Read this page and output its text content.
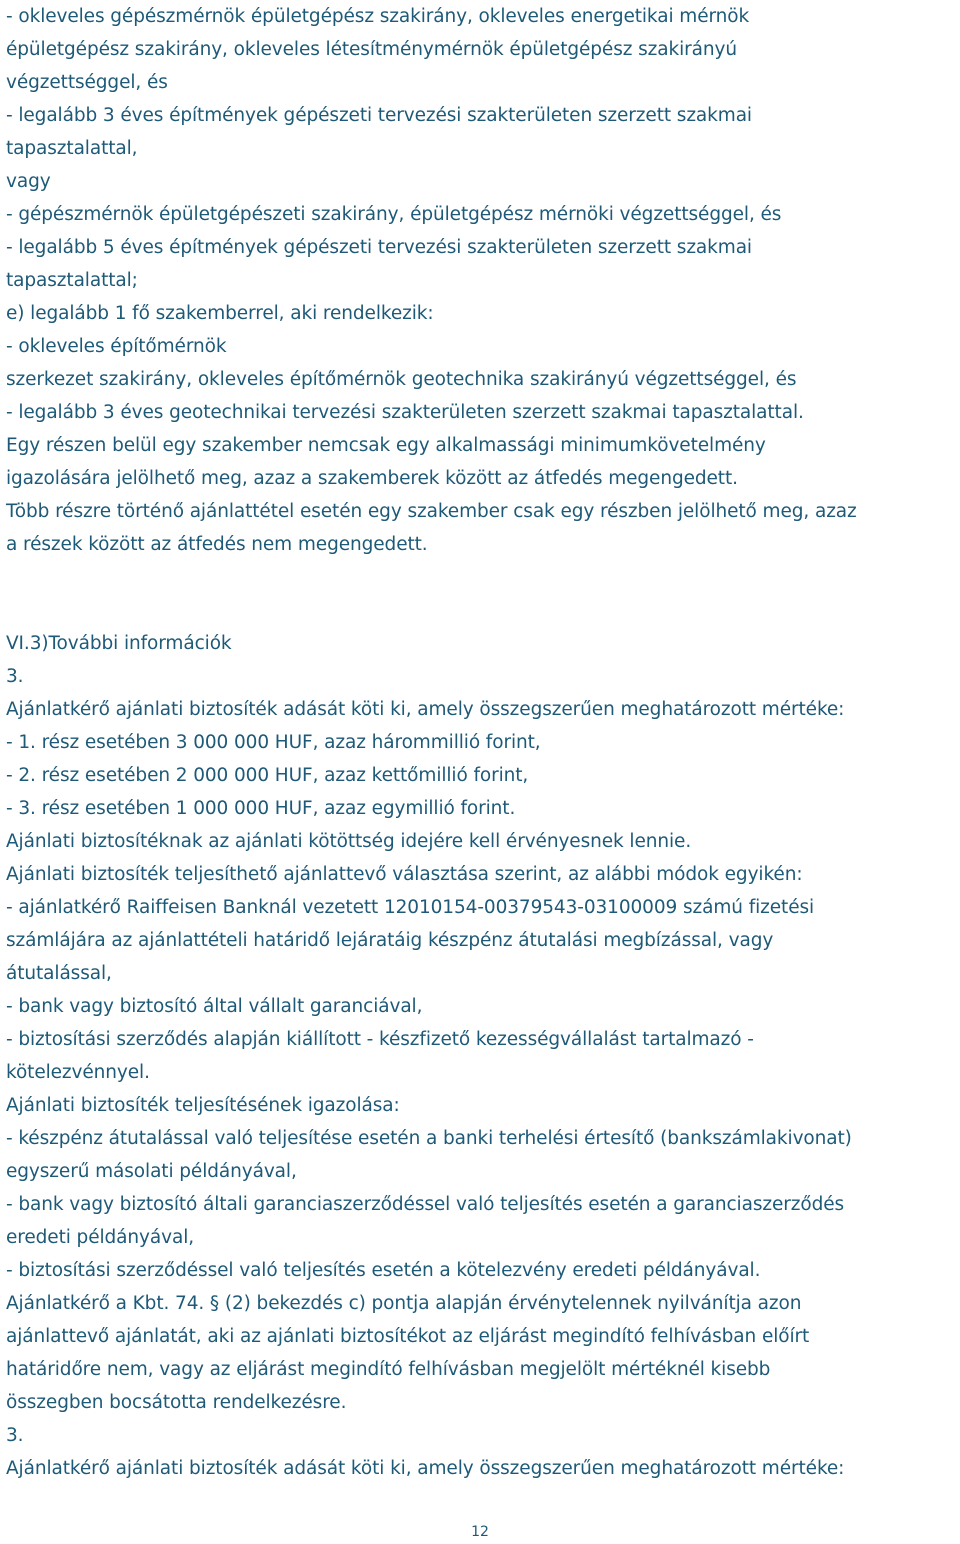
- okleveles gépészmérnök épületgépész szakirány, okleveles energetikai mérnök
épületgépész szakirány, okleveles létesítménymérnök épületgépész szakirányú
végzettséggel, és
- legalább 3 éves építmények gépészeti tervezési szakterületen szerzett szakmai
tapasztalattal,
vagy
- gépészmérnök épületgépészeti szakirány, épületgépész mérnöki végzettséggel, és
- legalább 5 éves építmények gépészeti tervezési szakterületen szerzett szakmai
tapasztalattal;
e) legalább 1 fő szakemberrel, aki rendelkezik:
- okleveles építőmérnök
szerkezet szakirány, okleveles építőmérnök geotechnika szakirányú végzettséggel, és
- legalább 3 éves geotechnikai tervezési szakterületen szerzett szakmai tapasztalattal.
Egy részen belül egy szakember nemcsak egy alkalmassági minimumkövetelmény
igazolására jelölhető meg, azaz a szakemberek között az átfedés megengedett.
Több részre történő ajánlattétel esetén egy szakember csak egy részben jelölhető meg, azaz
a részek között az átfedés nem megengedett.
VI.3)További információk
3.
Ajánlatkérő ajánlati biztosíték adását köti ki, amely összegszerűen meghatározott mértéke:
- 1. rész esetében 3 000 000 HUF, azaz hárommillió forint,
- 2. rész esetében 2 000 000 HUF, azaz kettőmillió forint,
- 3. rész esetében 1 000 000 HUF, azaz egymillió forint.
Ajánlati biztosítéknak az ajánlati kötöttség idejére kell érvényesnek lennie.
Ajánlati biztosíték teljesíthető ajánlattevő választása szerint, az alábbi módok egyikén:
- ajánlatkérő Raiffeisen Banknál vezetett 12010154-00379543-03100009 számú fizetési
számlájára az ajánlattételi határidő lejáratáig készpénz átutalási megbízással, vagy
átutalással,
- bank vagy biztosító által vállalt garanciával,
- biztosítási szerződés alapján kiállított - készfizető kezességvállalást tartalmazó -
kötelezvénnyel.
Ajánlati biztosíték teljesítésének igazolása:
- készpénz átutalással való teljesítése esetén a banki terhelési értesítő (bankszámlakivonat)
egyszerű másolati példányával,
- bank vagy biztosító általi garanciaszerződéssel való teljesítés esetén a garanciaszerződés
eredeti példányával,
- biztosítási szerződéssel való teljesítés esetén a kötelezvény eredeti példányával.
Ajánlatkérő a Kbt. 74. § (2) bekezdés c) pontja alapján érvénytelennek nyilvánítja azon
ajánlattevő ajánlatát, aki az ajánlati biztosítékot az eljárást megindító felhívásban előírt
határidőre nem, vagy az eljárást megindító felhívásban megjelölt mértéknél kisebb
összegben bocsátotta rendelkezésre.
3.
Ajánlatkérő ajánlati biztosíték adását köti ki, amely összegszerűen meghatározott mértéke:
12
